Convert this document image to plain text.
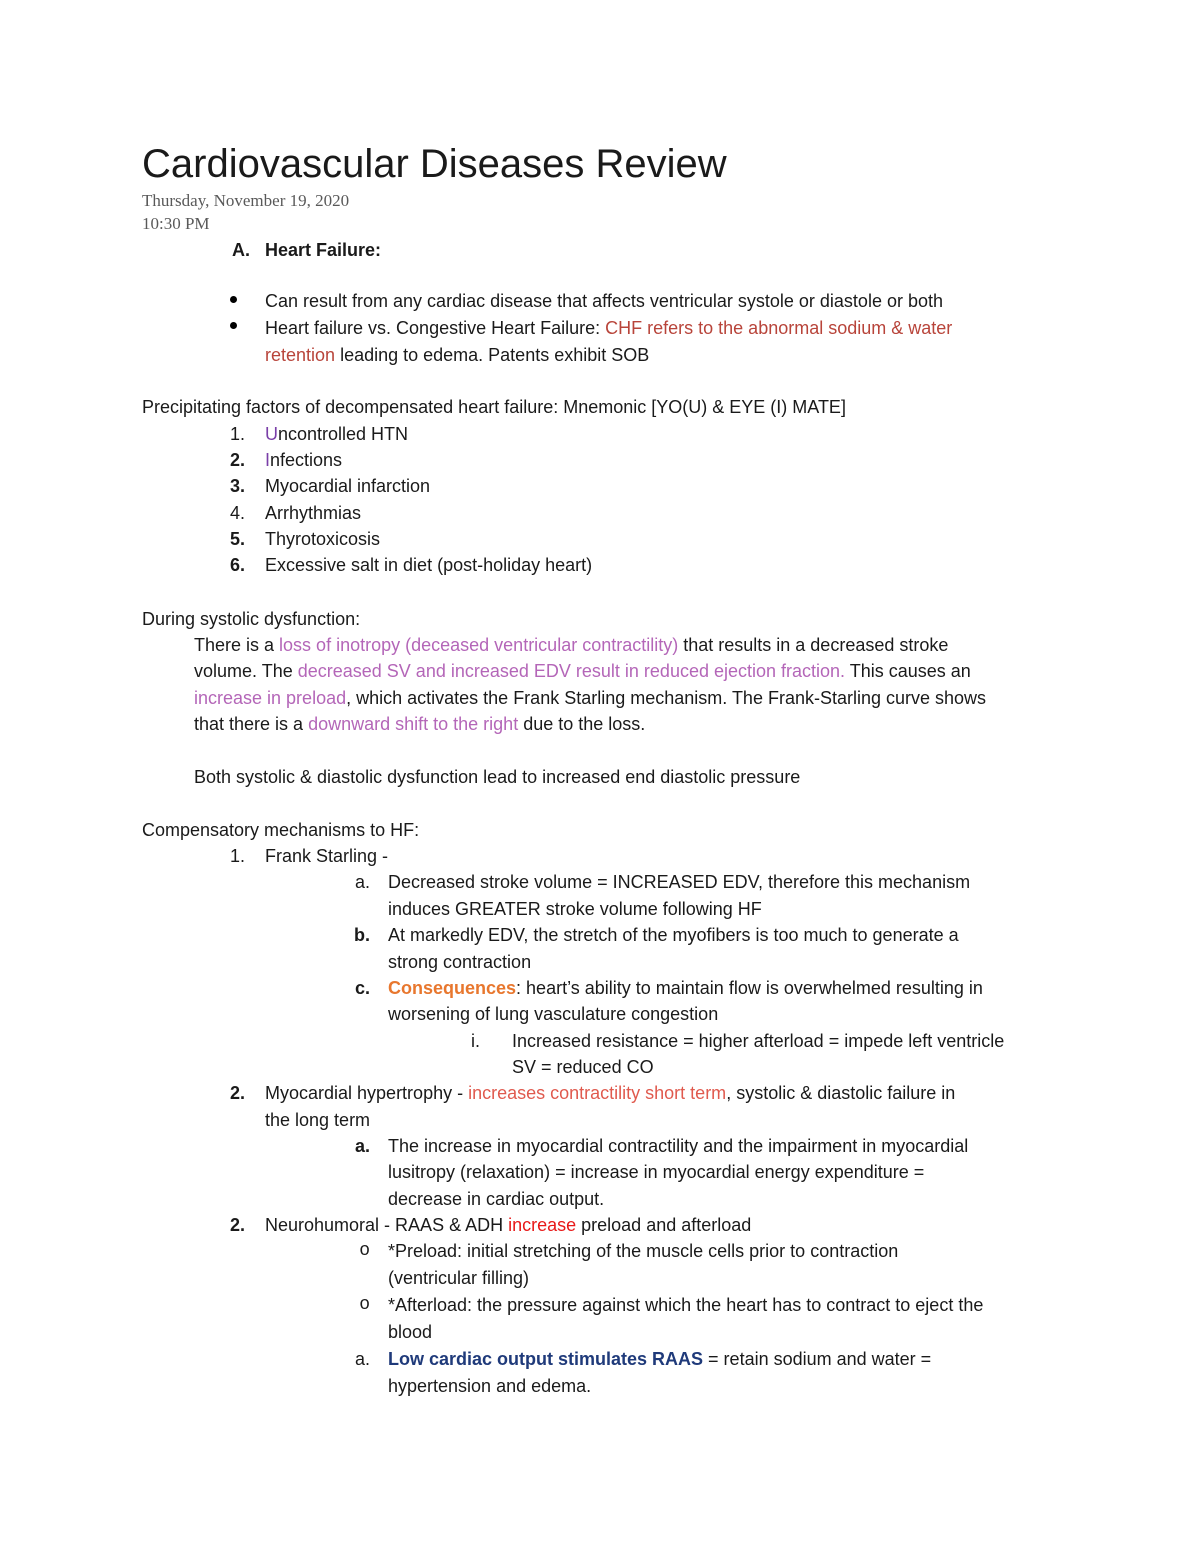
Cardiovascular Diseases Review
Thursday, November 19, 2020
10:30 PM
A. Heart Failure:
Can result from any cardiac disease that affects ventricular systole or diastole or both
Heart failure vs. Congestive Heart Failure: CHF refers to the abnormal sodium & water
retention leading to edema. Patents exhibit SOB
Precipitating factors of decompensated heart failure: Mnemonic [YO(U) & EYE (I) MATE]
1. Uncontrolled HTN
2. Infections
3. Myocardial infarction
4. Arrhythmias
5. Thyrotoxicosis
6. Excessive salt in diet (post-holiday heart)
During systolic dysfunction:
There is a loss of inotropy (deceased ventricular contractility) that results in a decreased stroke
volume. The decreased SV and increased EDV result in reduced ejection fraction. This causes an
increase in preload, which activates the Frank Starling mechanism. The Frank-Starling curve shows
that there is a downward shift to the right due to the loss.
Both systolic & diastolic dysfunction lead to increased end diastolic pressure
Compensatory mechanisms to HF:
1. Frank Starling -
a. Decreased stroke volume = INCREASED EDV, therefore this mechanism
induces GREATER stroke volume following HF
b. At markedly EDV, the stretch of the myofibers is too much to generate a
strong contraction
c. Consequences: heart’s ability to maintain flow is overwhelmed resulting in
worsening of lung vasculature congestion
i. Increased resistance = higher afterload = impede left ventricle
SV = reduced CO
2. Myocardial hypertrophy - increases contractility short term, systolic & diastolic failure in
the long term
a. The increase in myocardial contractility and the impairment in myocardial
lusitropy (relaxation) = increase in myocardial energy expenditure =
decrease in cardiac output.
2. Neurohumoral - RAAS & ADH increase preload and afterload
o *Preload: initial stretching of the muscle cells prior to contraction
(ventricular filling)
o *Afterload: the pressure against which the heart has to contract to eject the
blood
a. Low cardiac output stimulates RAAS = retain sodium and water =
hypertension and edema.
